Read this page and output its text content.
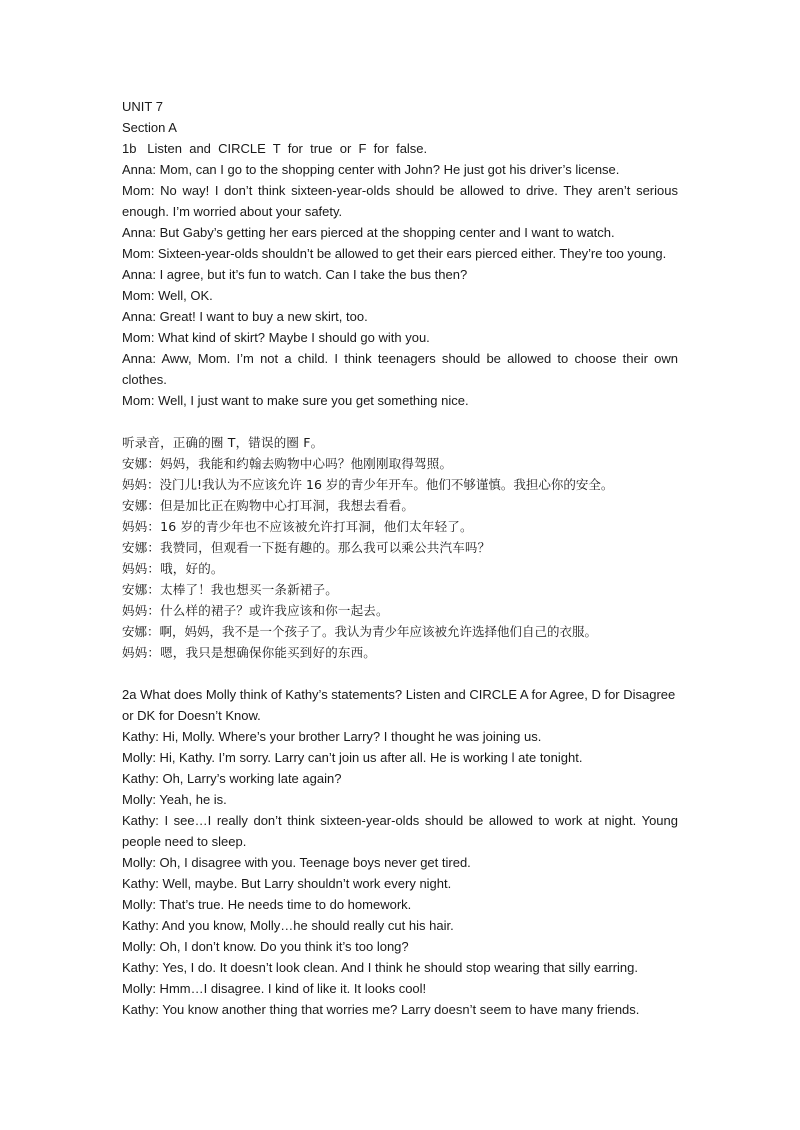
UNIT 7
Section A
1b   Listen  and  CIRCLE  T  for  true  or  F  for  false.
Anna: Mom, can I go to the shopping center with John? He just got his driver’s license.
Mom: No way! I don’t think sixteen-year-olds should be allowed to drive. They aren’t serious enough. I’m worried about your safety.
Anna: But Gaby’s getting her ears pierced at the shopping center and I want to watch.
Mom: Sixteen-year-olds shouldn’t be allowed to get their ears pierced either. They’re too young.
Anna: I agree, but it’s fun to watch. Can I take the bus then?
Mom: Well, OK.
Anna: Great! I want to buy a new skirt, too.
Mom: What kind of skirt? Maybe I should go with you.
Anna: Aww, Mom. I’m not a child. I think teenagers should be allowed to choose their own clothes.
Mom: Well, I just want to make sure you get something nice.
听录音，正确的圈 T，错误的圈 F。
安娜：妈妈，我能和约翰去购物中心吗？他刚刚取得驾照。
妈妈：没门儿!我认为不应该允许 16 岁的青少年开车。他们不够谨慎。我担心你的安全。
安娜：但是加比正在购物中心打耳洞，我想去看看。
妈妈：16 岁的青少年也不应该被允许打耳洞，他们太年轻了。
安娜：我赞同，但观看一下挺有趣的。那么我可以乘公共汽车吗？
妈妈：哦，好的。
安娜：太棒了！我也想买一条新裙子。
妈妈：什么样的裙子？或许我应该和你一起去。
安娜：啊，妈妈，我不是一个孩子了。我认为青少年应该被允许选择他们自己的衣服。
妈妈：嗯，我只是想确保你能买到好的东西。
2a What does Molly think of Kathy’s statements? Listen and CIRCLE A for Agree, D for Disagree or DK for Doesn’t Know.
Kathy: Hi, Molly. Where’s your brother Larry? I thought he was joining us.
Molly: Hi, Kathy. I’m sorry. Larry can’t join us after all. He is working l ate tonight.
Kathy: Oh, Larry’s working late again?
Molly: Yeah, he is.
Kathy: I see…I really don’t think sixteen-year-olds should be allowed to work at night. Young people need to sleep.
Molly: Oh, I disagree with you. Teenage boys never get tired.
Kathy: Well, maybe. But Larry shouldn’t work every night.
Molly: That’s true. He needs time to do homework.
Kathy: And you know, Molly…he should really cut his hair.
Molly: Oh, I don’t know. Do you think it’s too long?
Kathy: Yes, I do. It doesn’t look clean. And I think he should stop wearing that silly earring.
Molly: Hmm…I disagree. I kind of like it. It looks cool!
Kathy: You know another thing that worries me? Larry doesn’t seem to have many friends.
